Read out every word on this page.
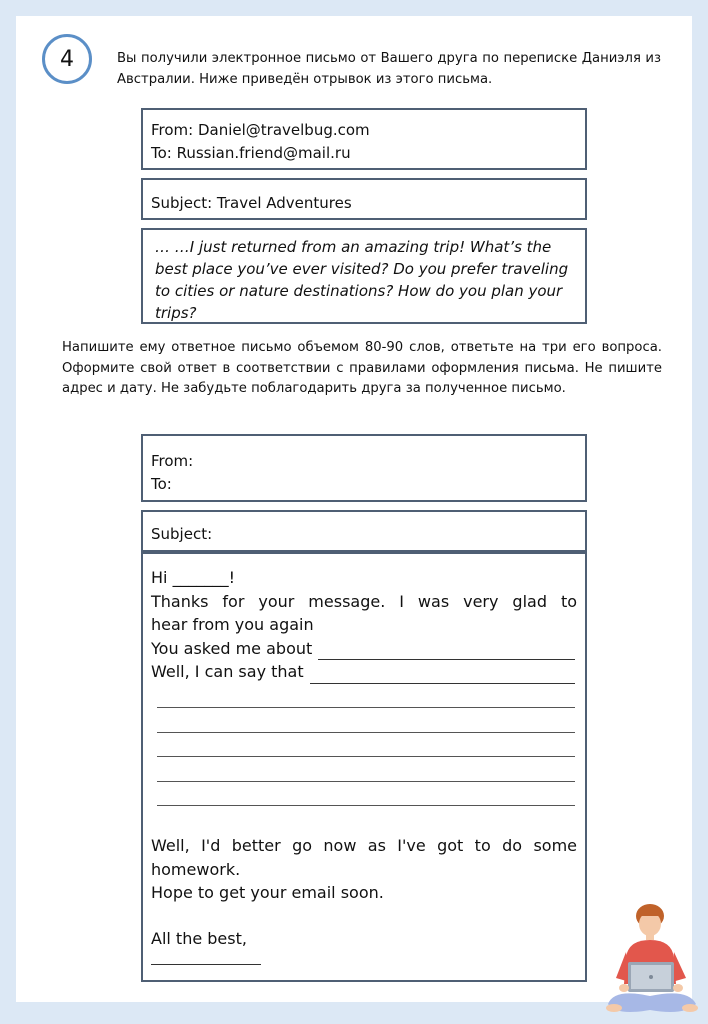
4	Вы получили электронное письмо от Вашего друга по переписке Даниэля из Австралии. Ниже приведён отрывок из этого письма.
From: Daniel@travelbug.com
To: Russian.friend@mail.ru
Subject: Travel Adventures
… …I just returned from an amazing trip! What’s the best place you’ve ever visited? Do you prefer traveling to cities or nature destinations? How do you plan your trips?
Напишите ему ответное письмо объемом 80-90 слов, ответьте на три его вопроса. Оформите свой ответ в соответствии с правилами оформления письма. Не пишите адрес и дату. Не забудьте поблагодарить друга за полученное письмо.
From:
To:
Subject:
Hi _______!
Thanks for your message. I was very glad to
hear from you again
You asked me about
Well, I can say that
Well, I'd better go now as I've got to do some
homework.
Hope to get your email soon.
All the best,
